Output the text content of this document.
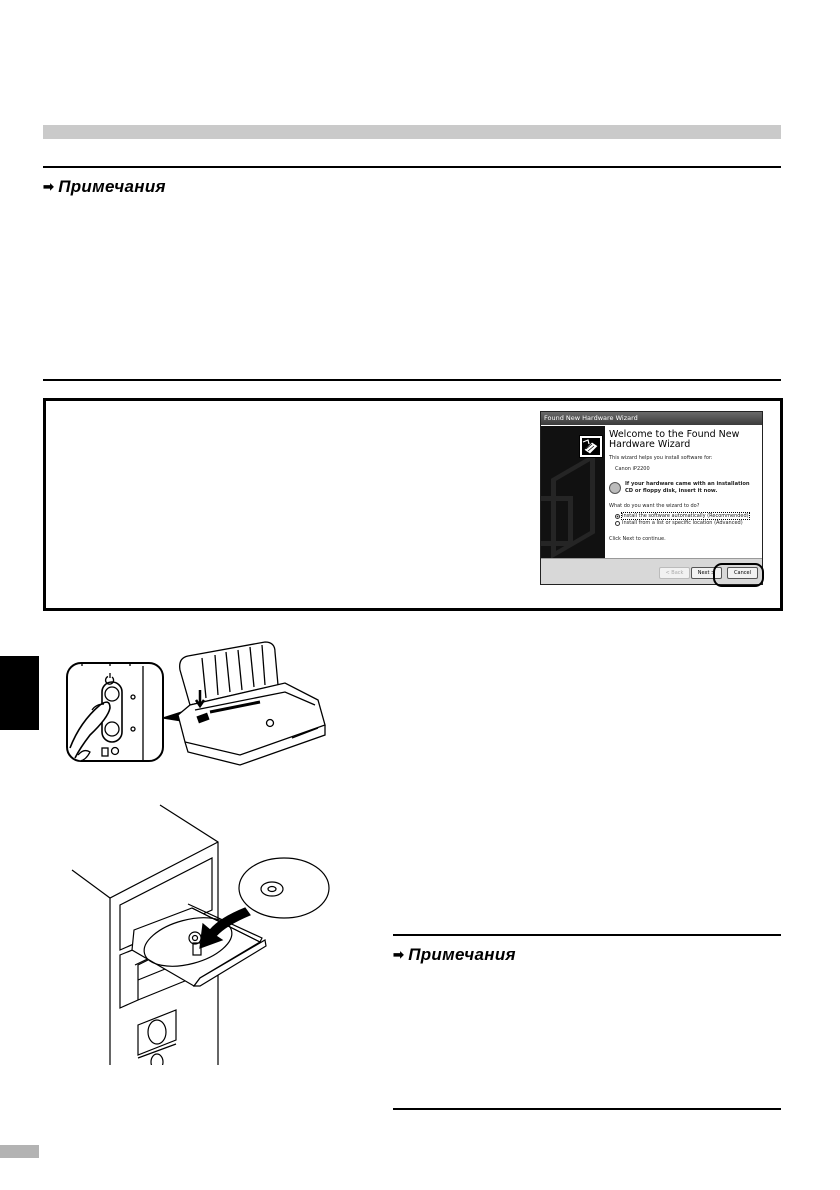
➡ Примечания
Found New Hardware Wizard
Welcome to the Found New Hardware Wizard
This wizard helps you install software for:
Canon iP2200
If your hardware came with an installation CD or floppy disk, insert it now.
What do you want the wizard to do?
Install the software automatically (Recommended)
Install from a list or specific location (Advanced)
Click Next to continue.
< Back	Next >	Cancel
➡ Примечания
